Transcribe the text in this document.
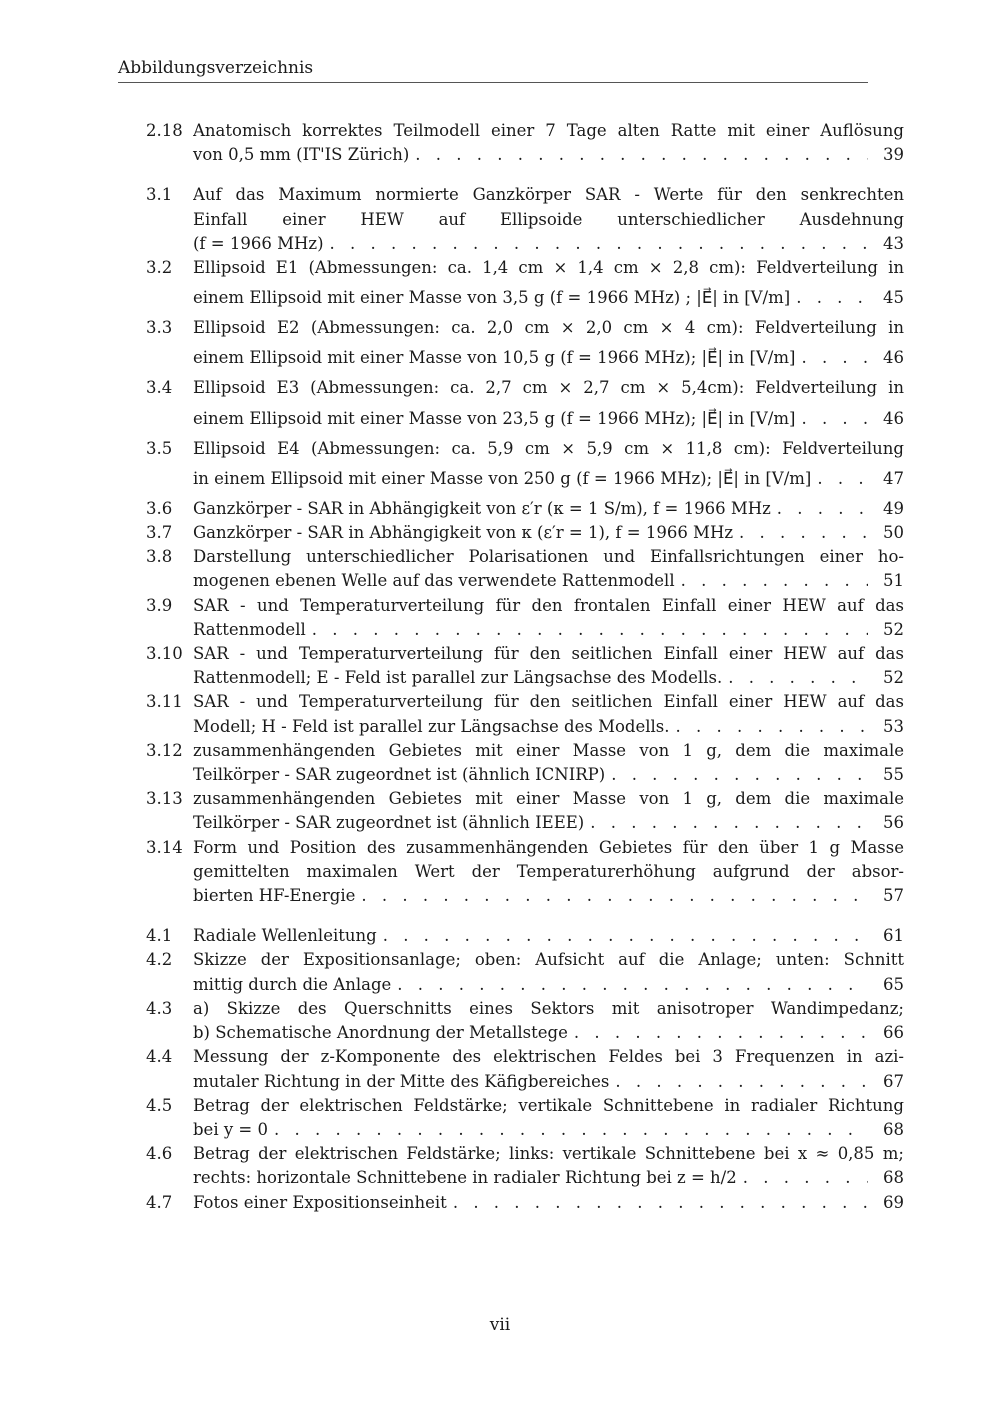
Abbildungsverzeichnis
2.18 Anatomisch korrektes Teilmodell einer 7 Tage alten Ratte mit einer Auflösung
von 0,5 mm (IT'IS Zürich) . . .	39
3.1	Auf das Maximum normierte Ganzkörper SAR - Werte für den senkrechten
Einfall einer HEW auf Ellipsoide unterschiedlicher Ausdehnung
(f = 1966 MHz) . . .	43
3.2	Ellipsoid E1 (Abmessungen: ca. 1,4 cm × 1,4 cm × 2,8 cm): Feldverteilung in
einem Ellipsoid mit einer Masse von 3,5 g (f = 1966 MHz) ; |E⃗| in [V/m] . . .	45
3.3	Ellipsoid E2 (Abmessungen: ca. 2,0 cm × 2,0 cm × 4 cm): Feldverteilung in
einem Ellipsoid mit einer Masse von 10,5 g (f = 1966 MHz); |E⃗| in [V/m] . . .	46
3.4	Ellipsoid E3 (Abmessungen: ca. 2,7 cm × 2,7 cm × 5,4cm): Feldverteilung in
einem Ellipsoid mit einer Masse von 23,5 g (f = 1966 MHz); |E⃗| in [V/m] . . .	46
3.5	Ellipsoid E4 (Abmessungen: ca. 5,9 cm × 5,9 cm × 11,8 cm): Feldverteilung
in einem Ellipsoid mit einer Masse von 250 g (f = 1966 MHz); |E⃗| in [V/m] . . .	47
3.6	Ganzkörper - SAR in Abhängigkeit von ε′r (κ = 1 S/m), f = 1966 MHz . . .	49
3.7	Ganzkörper - SAR in Abhängigkeit von κ (ε′r = 1), f = 1966 MHz . . .	50
3.8	Darstellung unterschiedlicher Polarisationen und Einfallsrichtungen einer ho-
mogenen ebenen Welle auf das verwendete Rattenmodell . . .	51
3.9	SAR - und Temperaturverteilung für den frontalen Einfall einer HEW auf das
Rattenmodell . . .	52
3.10 SAR - und Temperaturverteilung für den seitlichen Einfall einer HEW auf das
Rattenmodell; E - Feld ist parallel zur Längsachse des Modells. . . .	52
3.11 SAR - und Temperaturverteilung für den seitlichen Einfall einer HEW auf das
Modell; H - Feld ist parallel zur Längsachse des Modells. . . .	53
3.12 zusammenhängenden Gebietes mit einer Masse von 1 g, dem die maximale
Teilkörper - SAR zugeordnet ist (ähnlich ICNIRP) . . .	55
3.13 zusammenhängenden Gebietes mit einer Masse von 1 g, dem die maximale
Teilkörper - SAR zugeordnet ist (ähnlich IEEE) . . .	56
3.14 Form und Position des zusammenhängenden Gebietes für den über 1 g Masse
gemittelten maximalen Wert der Temperaturerhöhung aufgrund der absor-
bierten HF-Energie . . .	57
4.1	Radiale Wellenleitung . . .	61
4.2	Skizze der Expositionsanlage; oben: Aufsicht auf die Anlage; unten: Schnitt
mittig durch die Anlage . . .	65
4.3	a) Skizze des Querschnitts eines Sektors mit anisotroper Wandimpedanz;
b) Schematische Anordnung der Metallstege . . .	66
4.4	Messung der z-Komponente des elektrischen Feldes bei 3 Frequenzen in azi-
mutaler Richtung in der Mitte des Käfigbereiches . . .	67
4.5	Betrag der elektrischen Feldstärke; vertikale Schnittebene in radialer Richtung
bei y = 0 . . .	68
4.6	Betrag der elektrischen Feldstärke; links: vertikale Schnittebene bei x ≈ 0,85 m;
rechts: horizontale Schnittebene in radialer Richtung bei z = h/2 . . .	68
4.7	Fotos einer Expositionseinheit . . .	69
vii
